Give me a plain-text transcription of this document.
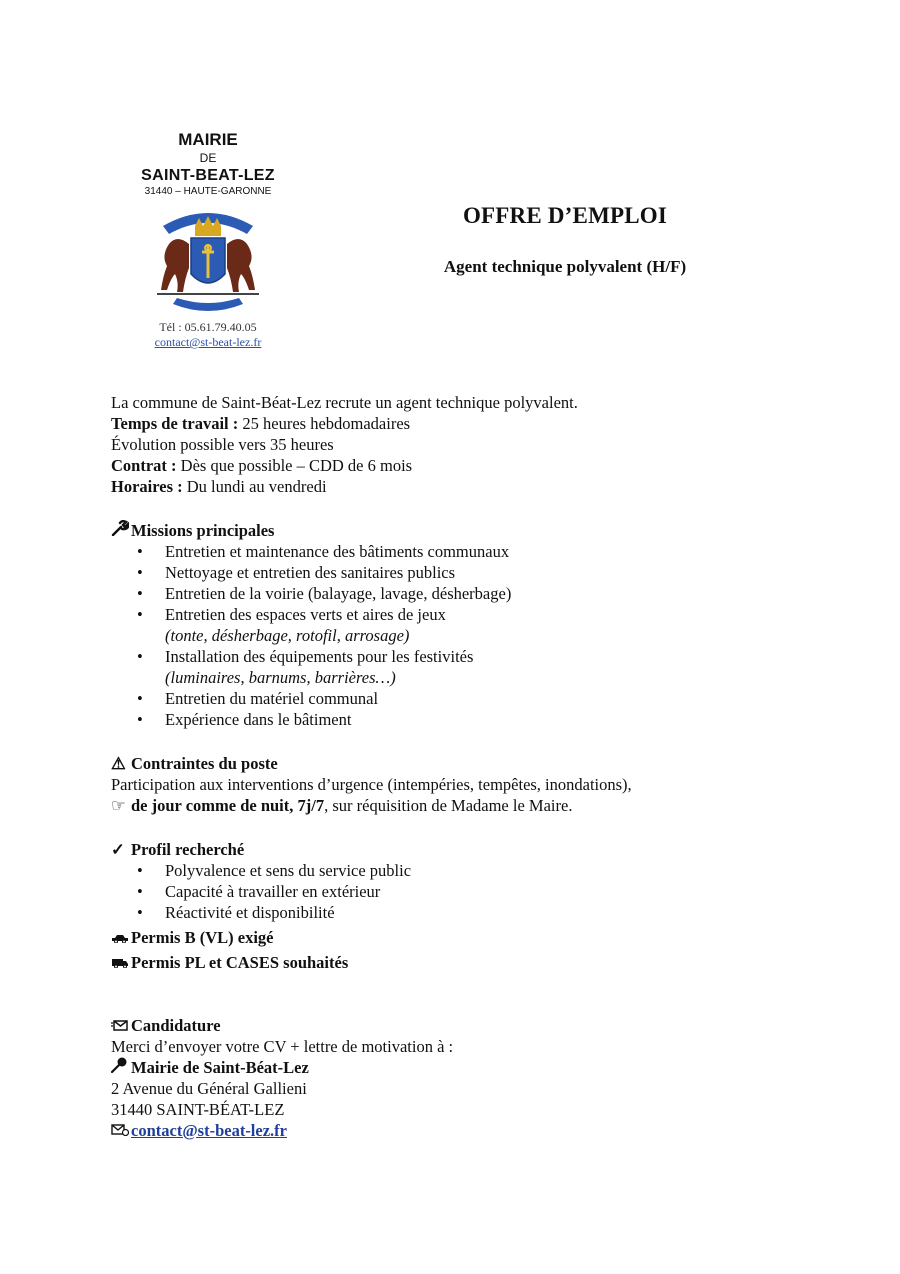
MAIRIE
DE
SAINT-BEAT-LEZ
31440 – HAUTE-GARONNE
Tél : 05.61.79.40.05
contact@st-beat-lez.fr
OFFRE D’EMPLOI
Agent technique polyvalent (H/F)
La commune de Saint-Béat-Lez recrute un agent technique polyvalent.
Temps de travail : 25 heures hebdomadaires
Évolution possible vers 35 heures
Contrat : Dès que possible – CDD de 6 mois
Horaires : Du lundi au vendredi
Missions principales
• Entretien et maintenance des bâtiments communaux
• Nettoyage et entretien des sanitaires publics
• Entretien de la voirie (balayage, lavage, désherbage)
• Entretien des espaces verts et aires de jeux
(tonte, désherbage, rotofil, arrosage)
• Installation des équipements pour les festivités
(luminaires, barnums, barrières…)
• Entretien du matériel communal
• Expérience dans le bâtiment
⚠ Contraintes du poste
Participation aux interventions d’urgence (intempéries, tempêtes, inondations),
☞ de jour comme de nuit, 7j/7, sur réquisition de Madame le Maire.
✓ Profil recherché
• Polyvalence et sens du service public
• Capacité à travailler en extérieur
• Réactivité et disponibilité
Permis B (VL) exigé
Permis PL et CASES souhaités
Candidature
Merci d’envoyer votre CV + lettre de motivation à :
Mairie de Saint-Béat-Lez
2 Avenue du Général Gallieni
31440 SAINT-BÉAT-LEZ
contact@st-beat-lez.fr
